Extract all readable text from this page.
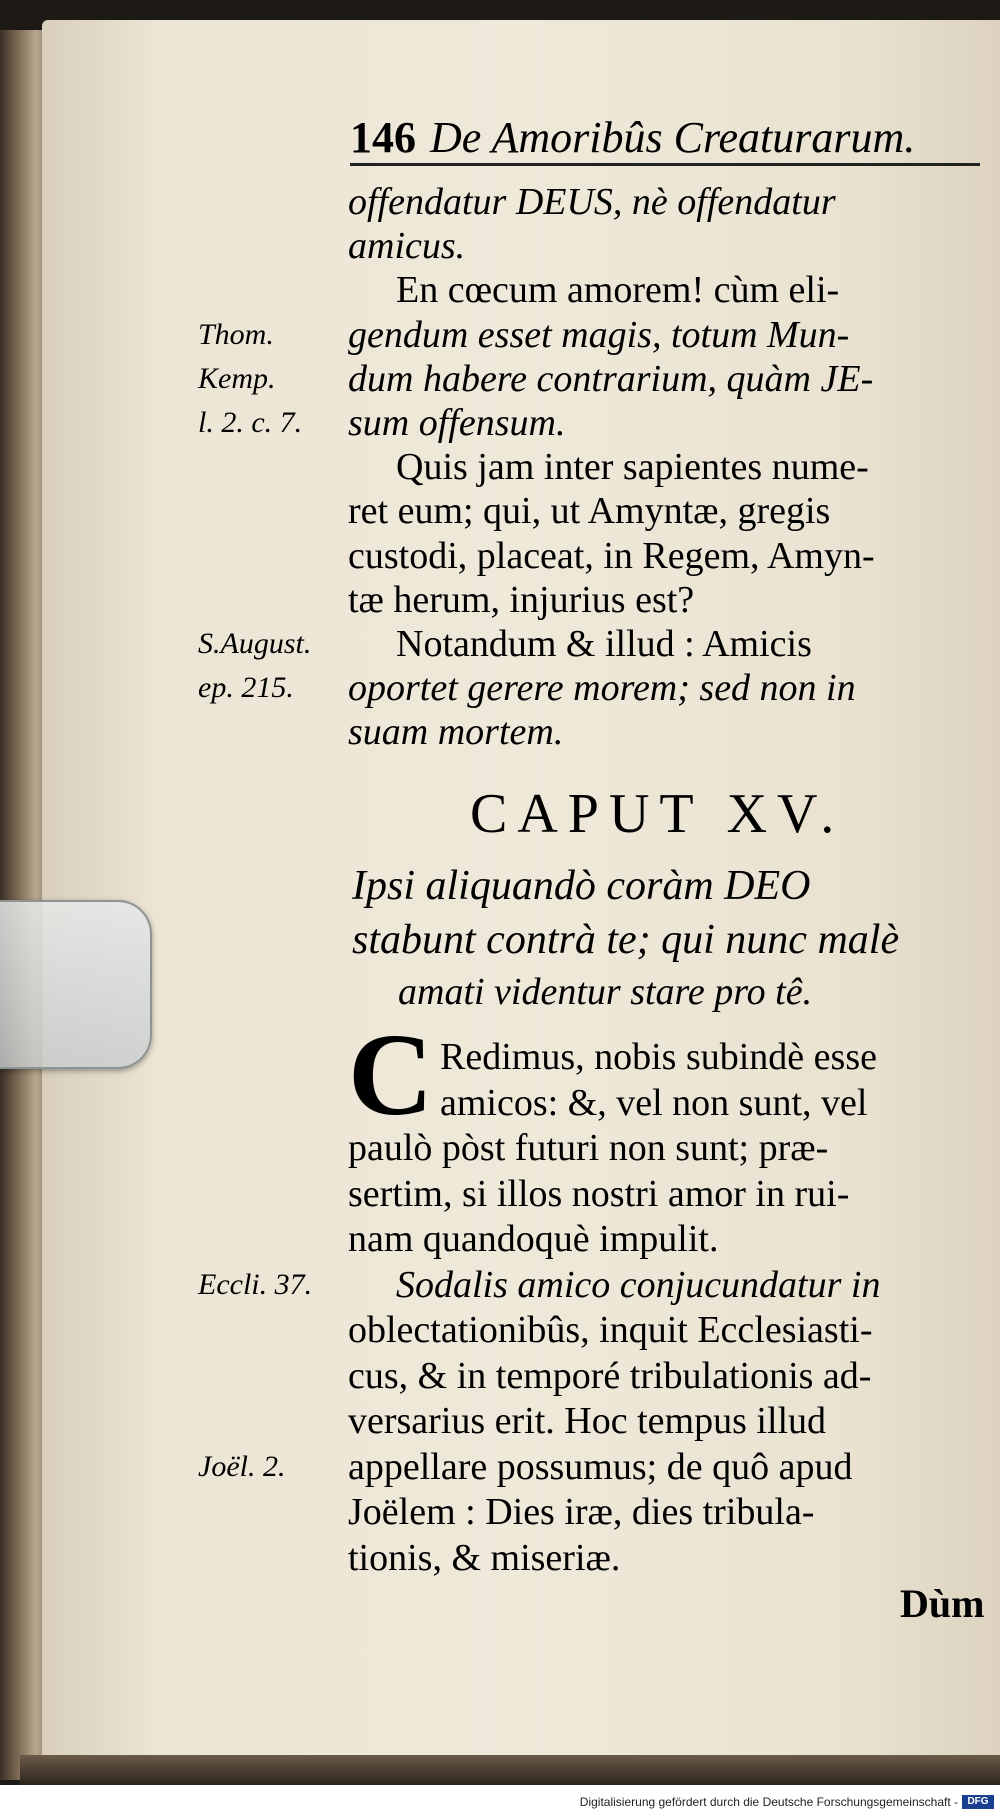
146 De Amoribûs Creaturarum.
offendatur DEUS, nè offendatur
amicus.
En cœcum amorem! cùm eli-
gendum esset magis, totum Mun-
dum habere contrarium, quàm JE-
sum offensum.
Quis jam inter sapientes nume-
ret eum; qui, ut Amyntæ, gregis
custodi, placeat, in Regem, Amyn-
tæ herum, injurius est?
Notandum & illud : Amicis
oportet gerere morem; sed non in
suam mortem.
Thom.
Kemp.
l. 2. c. 7.
S.August.
ep. 215.
Eccli. 37.
Joël. 2.
CAPUT XV.
Ipsi aliquandò coràm DEO
stabunt contrà te; qui nunc malè
amati videntur stare pro tê.
C Redimus, nobis subindè esse
amicos: &, vel non sunt, vel
paulò pòst futuri non sunt; præ-
sertim, si illos nostri amor in rui-
nam quandoquè impulit.
Sodalis amico conjucundatur in
oblectationibûs, inquit Ecclesiasti-
cus, & in temporé tribulationis ad-
versarius erit. Hoc tempus illud
appellare possumus; de quô apud
Joëlem : Dies iræ, dies tribula-
tionis, & miseriæ.
Dùm
Digitalisierung gefördert durch die Deutsche Forschungsgemeinschaft - DFG
